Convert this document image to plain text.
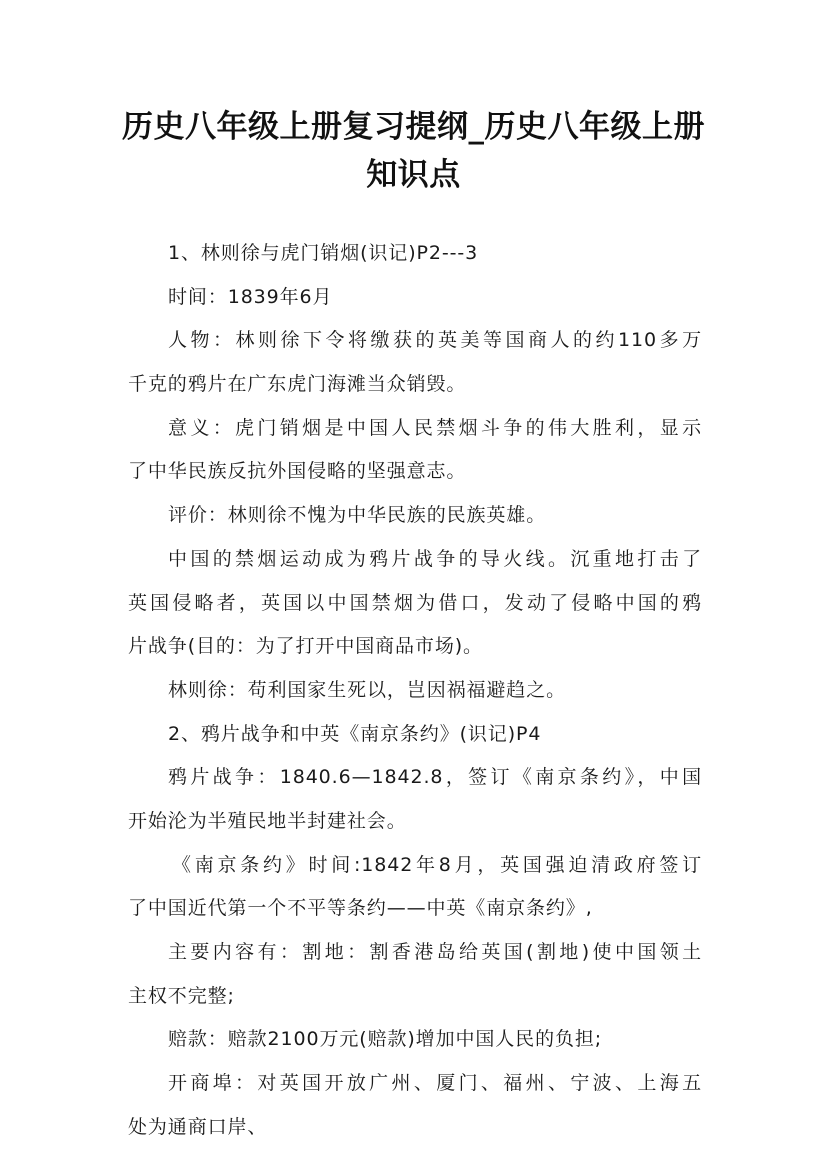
历史八年级上册复习提纲_历史八年级上册
知识点
1、林则徐与虎门销烟(识记)P2---3
时间：1839年6月
人物：林则徐下令将缴获的英美等国商人的约110多万
千克的鸦片在广东虎门海滩当众销毁。
意义：虎门销烟是中国人民禁烟斗争的伟大胜利，显示
了中华民族反抗外国侵略的坚强意志。
评价：林则徐不愧为中华民族的民族英雄。
中国的禁烟运动成为鸦片战争的导火线。沉重地打击了
英国侵略者，英国以中国禁烟为借口，发动了侵略中国的鸦
片战争(目的：为了打开中国商品市场)。
林则徐：苟利国家生死以，岂因祸福避趋之。
2、鸦片战争和中英《南京条约》(识记)P4
鸦片战争：1840.6—1842.8，签订《南京条约》，中国
开始沦为半殖民地半封建社会。
《南京条约》时间:1842年8月，英国强迫清政府签订
了中国近代第一个不平等条约——中英《南京条约》,
主要内容有：割地：割香港岛给英国(割地)使中国领土
主权不完整;
赔款：赔款2100万元(赔款)增加中国人民的负担;
开商埠：对英国开放广州、厦门、福州、宁波、上海五
处为通商口岸、
